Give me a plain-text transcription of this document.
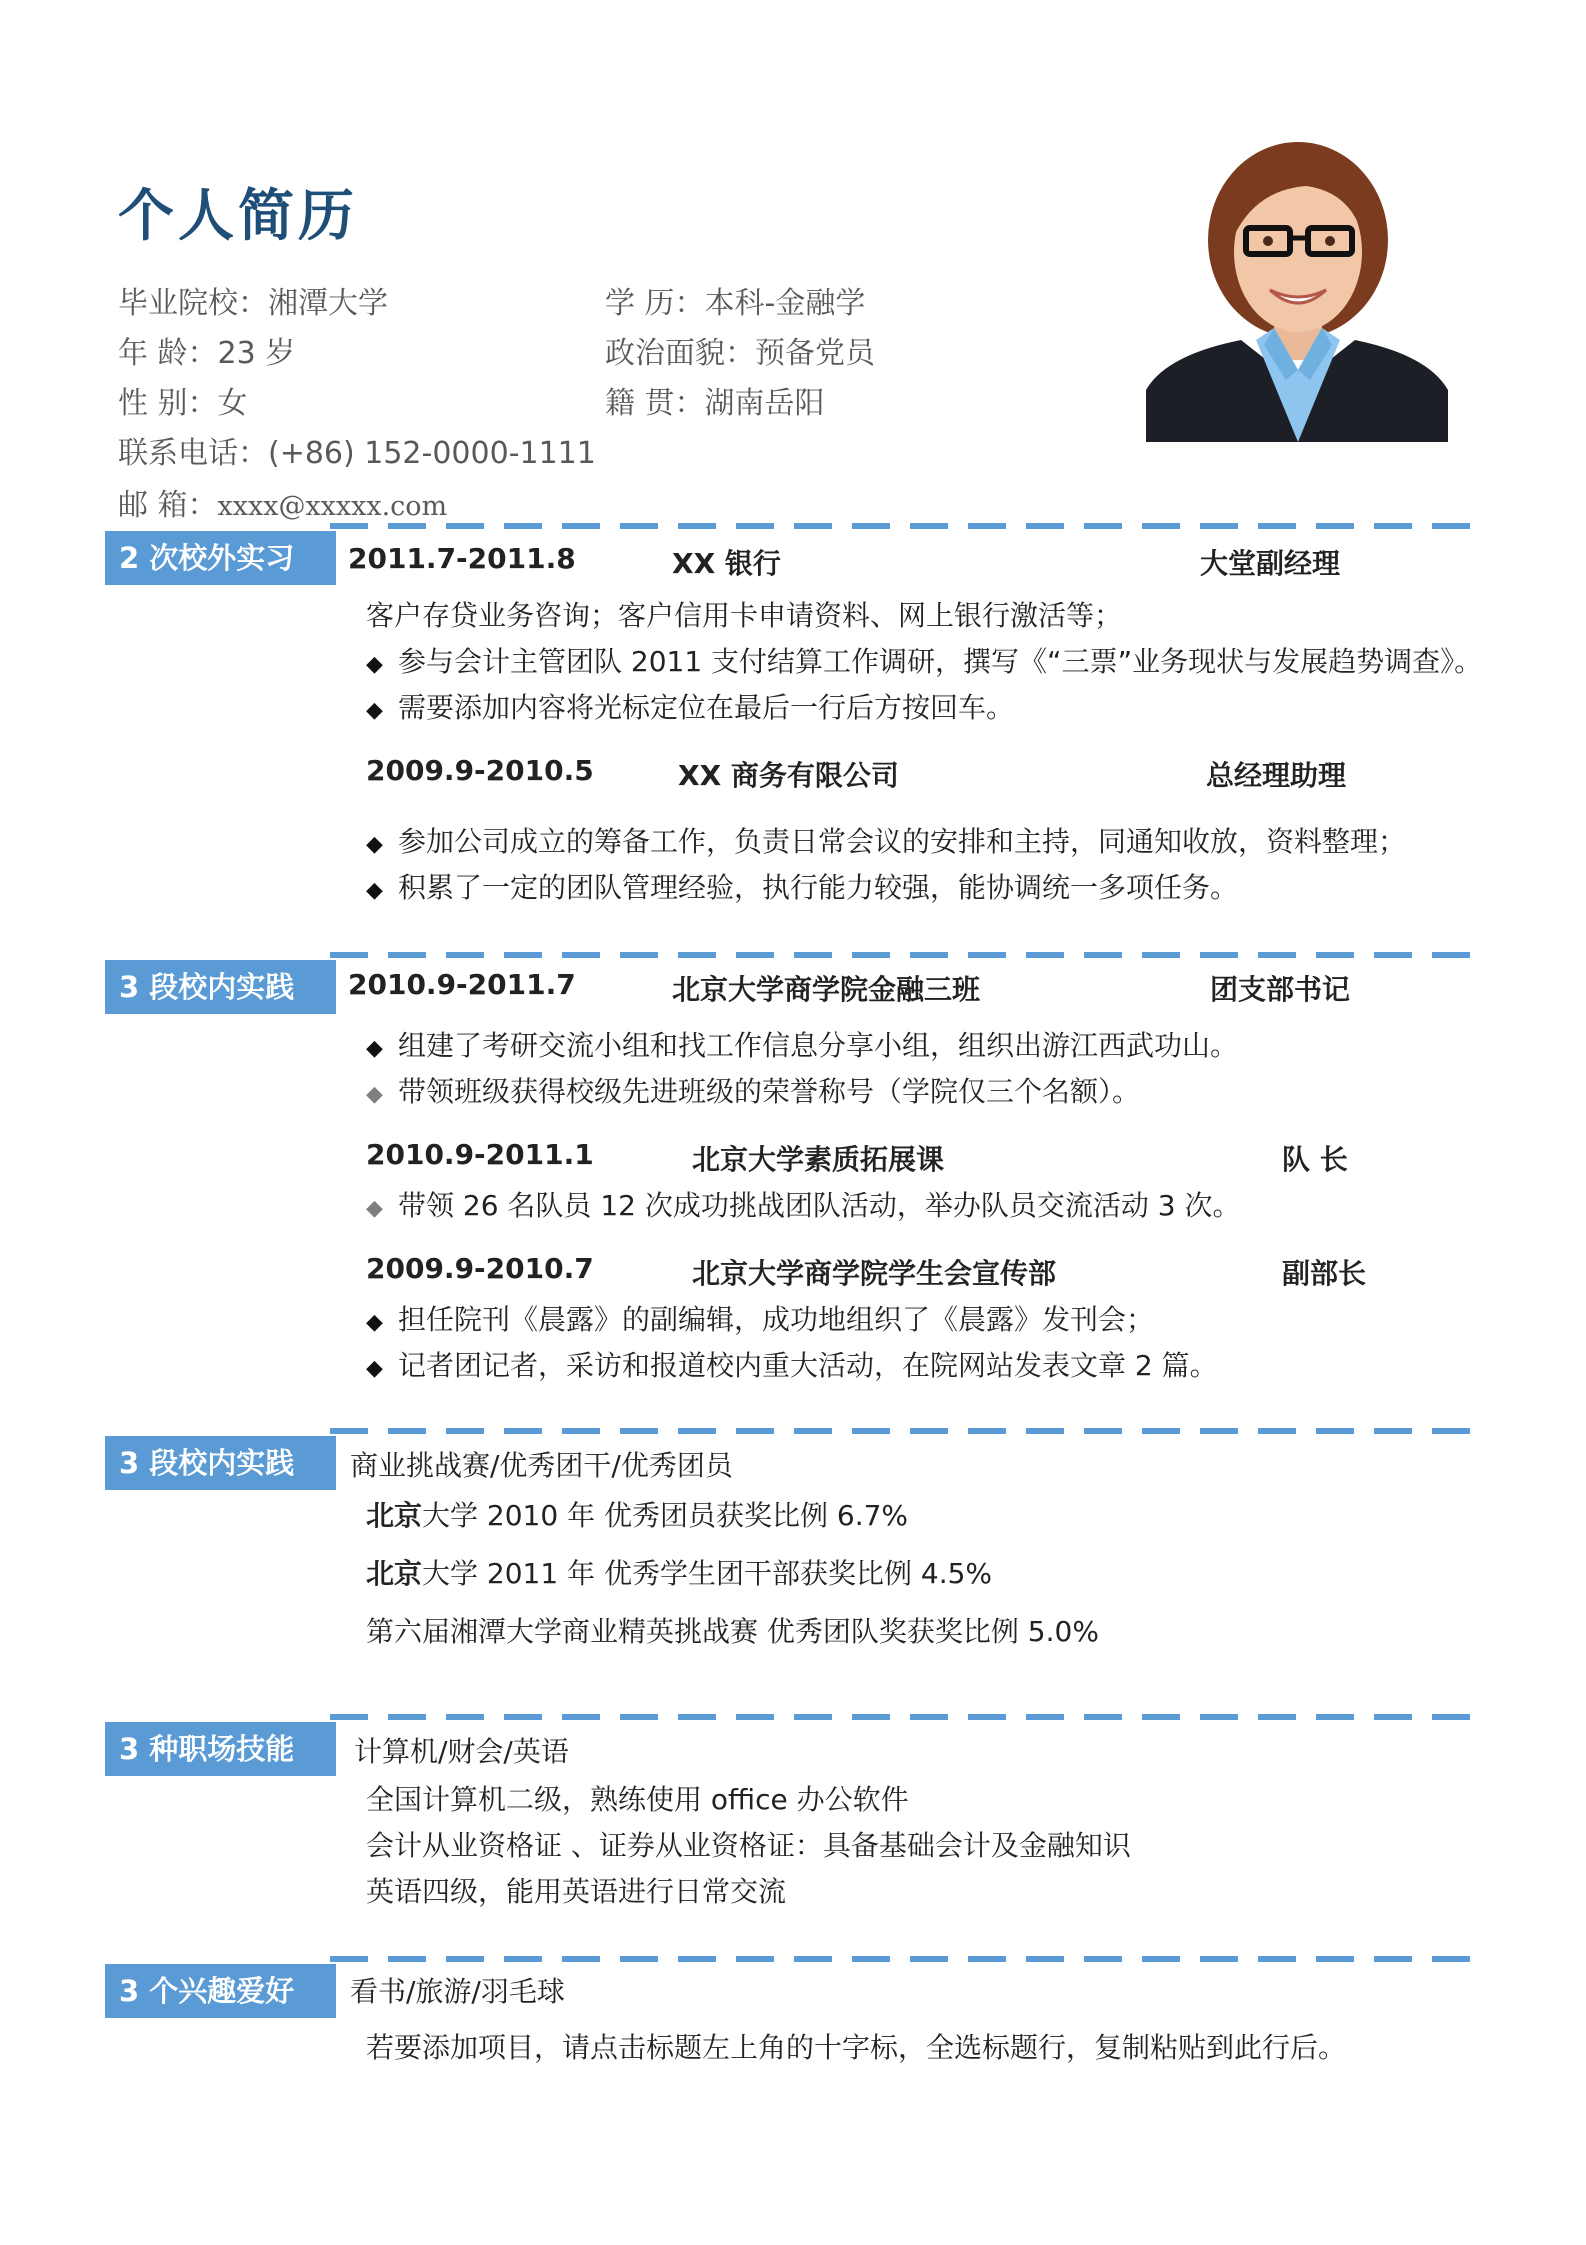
个人简历
毕业院校：湘潭大学	学 历：本科-金融学
年 龄：23 岁	政治面貌：预备党员
性 别：女	籍 贯：湖南岳阳
联系电话：(+86) 152-0000-1111
邮 箱：xxxx@xxxxx.com
2 次校外实习	2011.7-2011.8	XX 银行	大堂副经理
客户存贷业务咨询；客户信用卡申请资料、网上银行激活等；
◆ 参与会计主管团队 2011 支付结算工作调研，撰写《“三票”业务现状与发展趋势调查》。
◆ 需要添加内容将光标定位在最后一行后方按回车。
2009.9-2010.5	XX 商务有限公司	总经理助理
◆ 参加公司成立的筹备工作，负责日常会议的安排和主持，同通知收放，资料整理；
◆ 积累了一定的团队管理经验，执行能力较强，能协调统一多项任务。
3 段校内实践	2010.9-2011.7	北京大学商学院金融三班	团支部书记
◆ 组建了考研交流小组和找工作信息分享小组，组织出游江西武功山。
◆ 带领班级获得校级先进班级的荣誉称号（学院仅三个名额）。
2010.9-2011.1	北京大学素质拓展课	队 长
◆ 带领 26 名队员 12 次成功挑战团队活动，举办队员交流活动 3 次。
2009.9-2010.7	北京大学商学院学生会宣传部	副部长
◆ 担任院刊《晨露》的副编辑，成功地组织了《晨露》发刊会；
◆ 记者团记者，采访和报道校内重大活动，在院网站发表文章 2 篇。
3 段校内实践	商业挑战赛/优秀团干/优秀团员
北京大学 2010 年 优秀团员获奖比例 6.7%
北京大学 2011 年 优秀学生团干部获奖比例 4.5%
第六届湘潭大学商业精英挑战赛 优秀团队奖获奖比例 5.0%
3 种职场技能	计算机/财会/英语
全国计算机二级，熟练使用 office 办公软件
会计从业资格证 、证券从业资格证：具备基础会计及金融知识
英语四级，能用英语进行日常交流
3 个兴趣爱好	看书/旅游/羽毛球
若要添加项目，请点击标题左上角的十字标，全选标题行，复制粘贴到此行后。
